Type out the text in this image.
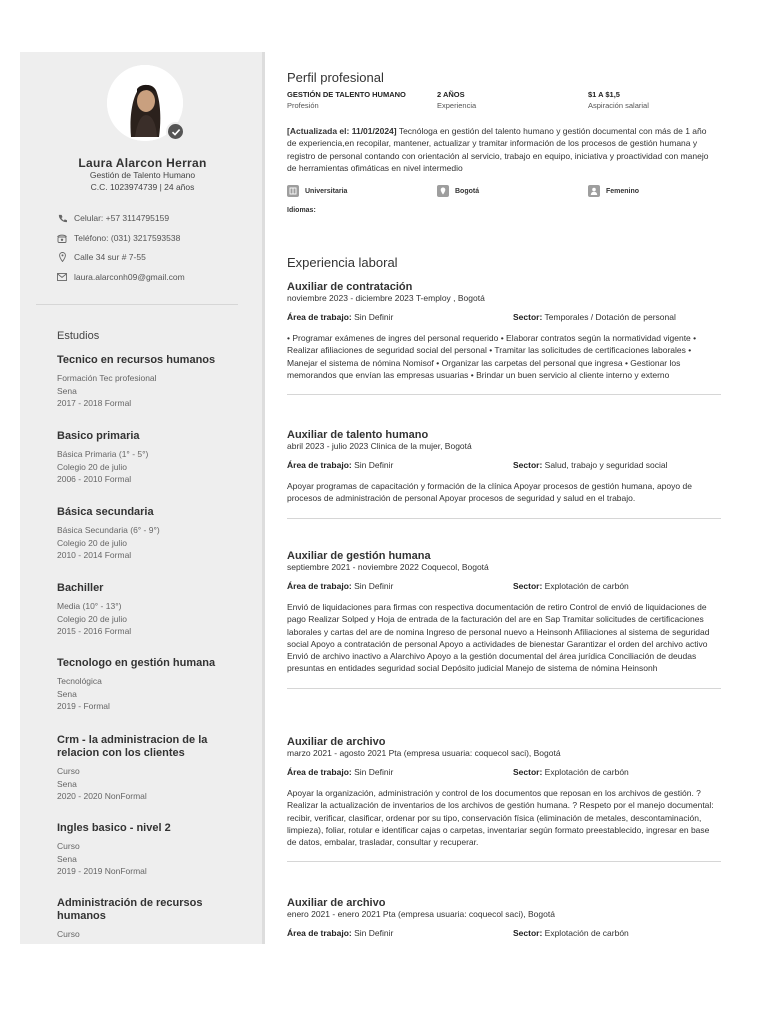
Laura Alarcon Herran
Gestión de Talento Humano
C.C. 1023974739 | 24 años
Celular: +57 3114795159
Teléfono: (031) 3217593538
Calle 34 sur # 7-55
laura.alarconh09@gmail.com
Estudios
Tecnico en recursos humanos
Formación Tec profesional
Sena
2017 - 2018 Formal
Basico primaria
Básica Primaria (1° - 5°)
Colegio 20 de julio
2006 - 2010 Formal
Básica secundaria
Básica Secundaria (6° - 9°)
Colegio 20 de julio
2010 - 2014 Formal
Bachiller
Media (10° - 13°)
Colegio 20 de julio
2015 - 2016 Formal
Tecnologo en gestión humana
Tecnológica
Sena
2019 - Formal
Crm - la administracion de la relacion con los clientes
Curso
Sena
2020 - 2020 NonFormal
Ingles basico - nivel 2
Curso
Sena
2019 - 2019 NonFormal
Administración de recursos humanos
Curso
Perfil profesional
GESTIÓN DE TALENTO HUMANO
Profesión
2 AÑOS
Experiencia
$1 A $1,5
Aspiración salarial
[Actualizada el: 11/01/2024] Tecnóloga en gestión del talento humano y gestión documental con más de 1 año de experiencia,en recopilar, mantener, actualizar y tramitar información de los procesos de gestión humana y registro de personal contando con orientación al servicio, trabajo en equipo, iniciativa y proactividad con manejo de herramientas ofimáticas en nivel intermedio
Universitaria	Bogotá	Femenino
Idiomas:
Experiencia laboral
Auxiliar de contratación
noviembre 2023 - diciembre 2023 T-employ , Bogotá
Área de trabajo: Sin Definir	Sector: Temporales / Dotación de personal
• Programar exámenes de ingres del personal requerido • Elaborar contratos según la normatividad vigente • Realizar afiliaciones de seguridad social del personal • Tramitar las solicitudes de certificaciones laborales • Manejar el sistema de nómina Nomisof • Organizar las carpetas del personal que ingresa • Gestionar los memorandos que envían las empresas usuarias • Brindar un buen servicio al cliente interno y externo
Auxiliar de talento humano
abril 2023 - julio 2023 Clinica de la mujer, Bogotá
Área de trabajo: Sin Definir	Sector: Salud, trabajo y seguridad social
Apoyar programas de capacitación y formación de la clínica Apoyar procesos de gestión humana, apoyo de procesos de administración de personal Apoyar procesos de seguridad y salud en el trabajo.
Auxiliar de gestión humana
septiembre 2021 - noviembre 2022 Coquecol, Bogotá
Área de trabajo: Sin Definir	Sector: Explotación de carbón
Envió de liquidaciones para firmas con respectiva documentación de retiro Control de envió de liquidaciones de pago Realizar Solped y Hoja de entrada de la facturación del are en Sap Tramitar solicitudes de certificaciones laborales y cartas del are de nomina Ingreso de personal nuevo a Heinsonh Afiliaciones al sistema de seguridad social Apoyo a contratación de personal Apoyo a actividades de bienestar Garantizar el orden del archivo activo Envió de archivo inactivo a Alarchivo Apoyo a la gestión documental del área jurídica Conciliación de deudas presuntas en entidades seguridad social Depósito judicial Manejo de sistema de nómina Heinsonh
Auxiliar de archivo
marzo 2021 - agosto 2021 Pta (empresa usuaria: coquecol saci), Bogotá
Área de trabajo: Sin Definir	Sector: Explotación de carbón
Apoyar la organización, administración y control de los documentos que reposan en los archivos de gestión. ? Realizar la actualización de inventarios de los archivos de gestión humana. ? Respeto por el manejo documental: recibir, verificar, clasificar, ordenar por su tipo, conservación física (eliminación de metales, descontaminación, limpieza), foliar, rotular e identificar cajas o carpetas, inventariar según formato preestablecido, ingresar en base de datos, embalar, trasladar, consultar y recuperar.
Auxiliar de archivo
enero 2021 - enero 2021 Pta (empresa usuaria: coquecol saci), Bogotá
Área de trabajo: Sin Definir	Sector: Explotación de carbón
